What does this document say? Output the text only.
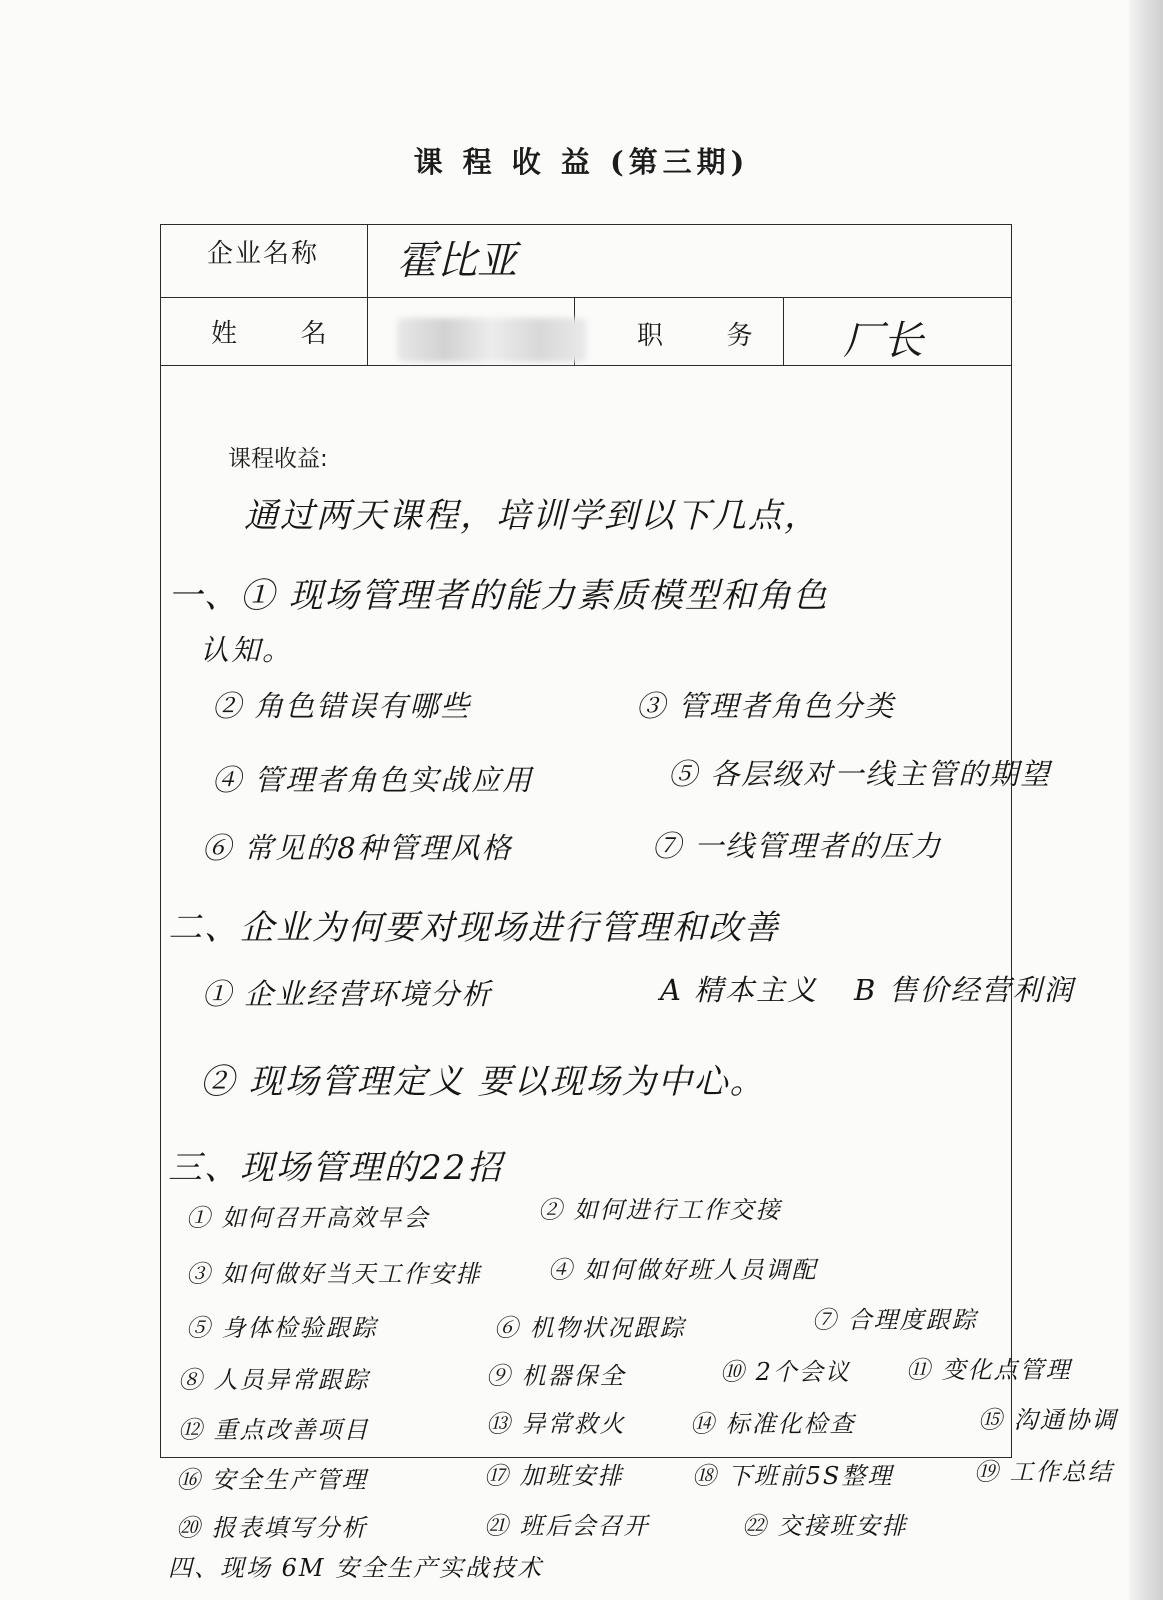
课 程 收 益 (第三期)
企业名称 霍比亚
姓      名	职      务 厂长
课程收益:
通过两天课程，培训学到以下几点，
一、① 现场管理者的能力素质模型和角色
认知。
② 角色错误有哪些	③ 管理者角色分类
④ 管理者角色实战应用	⑤ 各层级对一线主管的期望
⑥ 常见的8种管理风格	⑦ 一线管理者的压力
二、企业为何要对现场进行管理和改善
① 企业经营环境分析	A 精本主义 B 售价经营利润
② 现场管理定义 要以现场为中心。
三、现场管理的22招
① 如何召开高效早会	② 如何进行工作交接
③ 如何做好当天工作安排	④ 如何做好班人员调配
⑤ 身体检验跟踪	⑥ 机物状况跟踪	⑦ 合理度跟踪
⑧ 人员异常跟踪	⑨ 机器保全	⑩ 2个会议 ⑪ 变化点管理
⑫ 重点改善项目	⑬ 异常救火	⑭ 标准化检查	⑮ 沟通协调
⑯ 安全生产管理	⑰ 加班安排	⑱ 下班前5S整理	⑲ 工作总结
⑳ 报表填写分析	㉑ 班后会召开	㉒ 交接班安排
四、现场 6M 安全生产实战技术
